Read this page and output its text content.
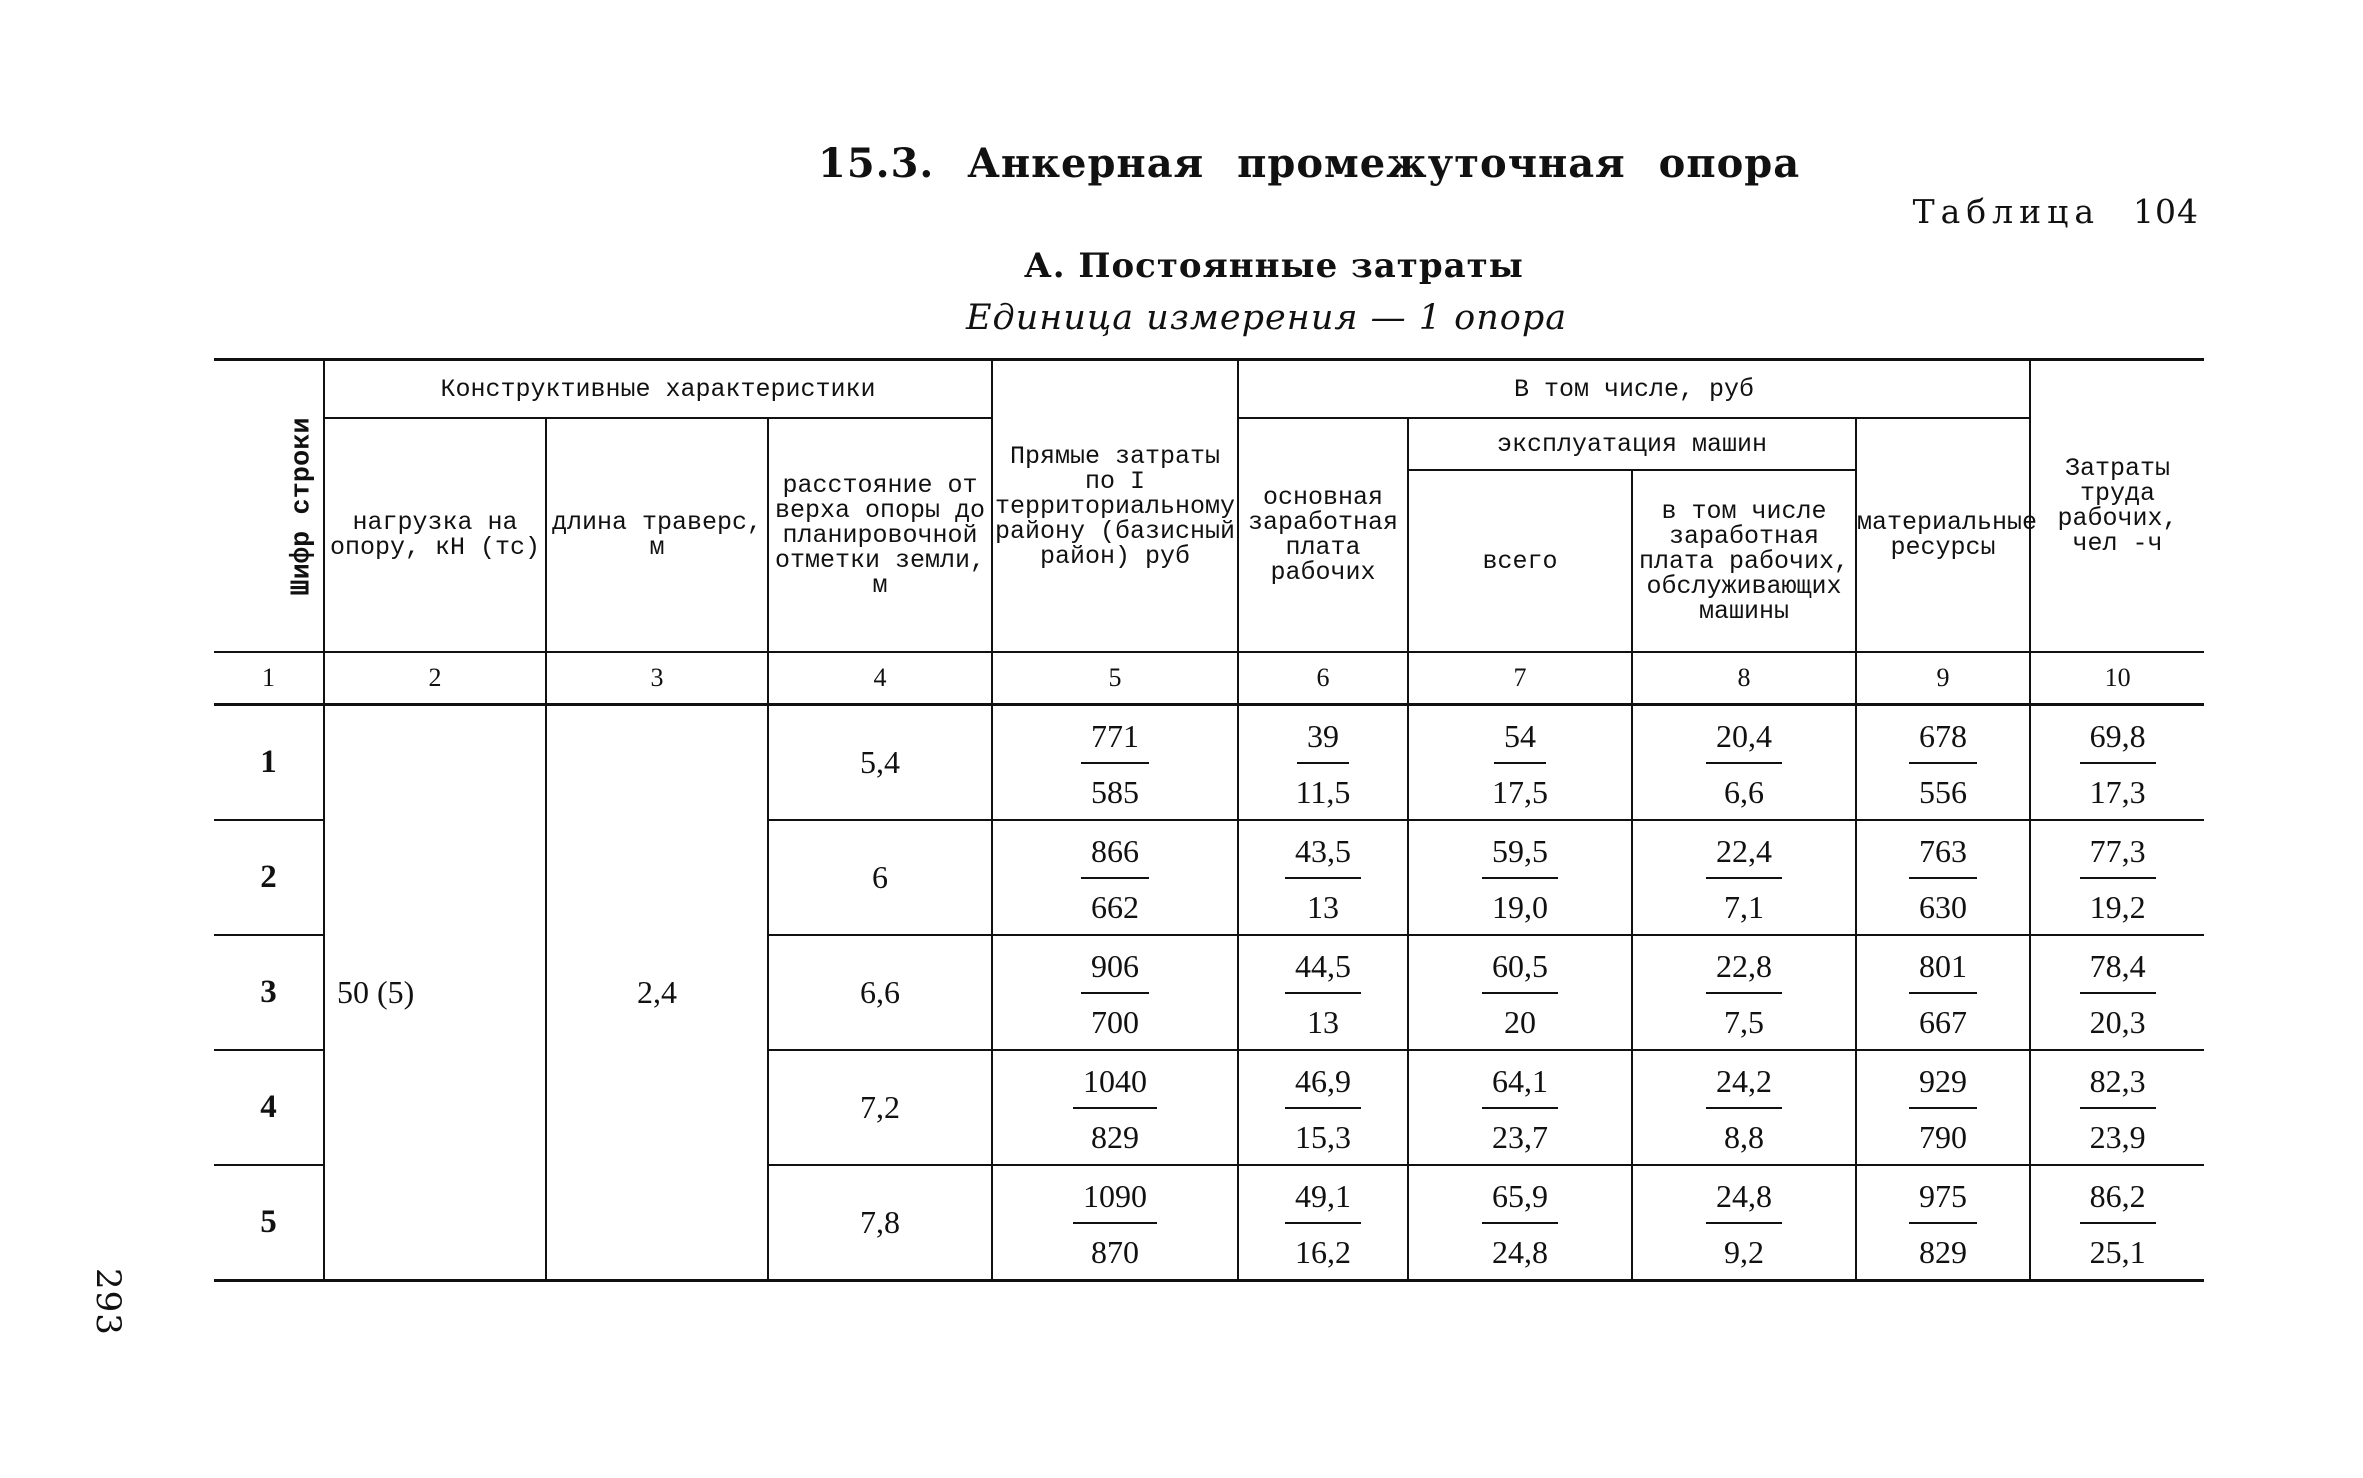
15.3. Анкерная промежуточная опора
Таблица 104
А. Постоянные затраты
Единица измерения — 1 опора
293
Шифр строки	Конструктивные характеристики			Прямые затраты по I территориальному району (базисный район) руб	В том числе, руб				Затраты труда рабочих, чел -ч
	нагрузка на опору, кН (тс)	длина траверс, м	расстояние от верха опоры до планировочной отметки земли, м		основная заработная плата рабочих	эксплуатация машин		материальные ресурсы	
						всего	в том числе заработная плата рабочих, обслуживающих машины		
1	2	3	4	5	6	7	8	9	10
1	50 (5)	2,4	5,4	$\frac{771}{585}$	$\frac{39}{11,5}$	$\frac{54}{17,5}$	$\frac{20,4}{6,6}$	$\frac{678}{556}$	$\frac{69,8}{17,3}$

2			6	$\frac{866}{662}$	$\frac{43,5}{13}$	$\frac{59,5}{19,0}$	$\frac{22,4}{7,1}$	$\frac{763}{630}$	$\frac{77,3}{19,2}$

3			6,6	$\frac{906}{700}$	$\frac{44,5}{13}$	$\frac{60,5}{20}$	$\frac{22,8}{7,5}$	$\frac{801}{667}$	$\frac{78,4}{20,3}$

4			7,2	$\frac{1040}{829}$	$\frac{46,9}{15,3}$	$\frac{64,1}{23,7}$	$\frac{24,2}{8,8}$	$\frac{929}{790}$	$\frac{82,3}{23,9}$

5			7,8	$\frac{1090}{870}$	$\frac{49,1}{16,2}$	$\frac{65,9}{24,8}$	$\frac{24,8}{9,2}$	$\frac{975}{829}$	$\frac{86,2}{25,1}$
